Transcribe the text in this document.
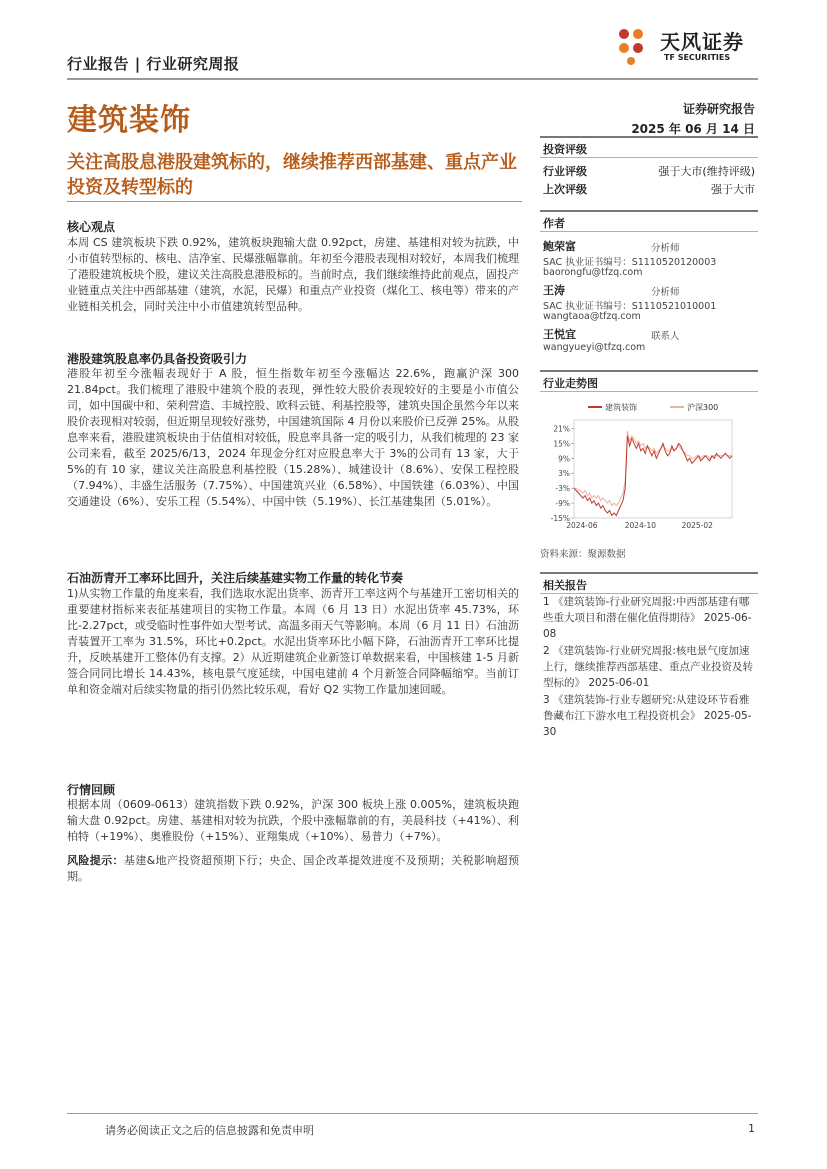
行业报告 | 行业研究周报
天风证券
TF SECURITIES
建筑装饰	证券研究报告
2025 年 06 月 14 日
关注高股息港股建筑标的，继续推荐西部基建、重点产业投资及转型标的
核心观点
本周 CS 建筑板块下跌 0.92%，建筑板块跑输大盘 0.92pct，房建、基建相对较为抗跌，中小市值转型标的、核电、洁净室、民爆涨幅靠前。年初至今港股表现相对较好，本周我们梳理了港股建筑板块个股，建议关注高股息港股标的。当前时点，我们继续维持此前观点，固投产业链重点关注中西部基建（建筑，水泥，民爆）和重点产业投资（煤化工、核电等）带来的产业链相关机会，同时关注中小市值建筑转型品种。
港股建筑股息率仍具备投资吸引力
港股年初至今涨幅表现好于 A 股，恒生指数年初至今涨幅达 22.6%，跑赢沪深 300 21.84pct。我们梳理了港股中建筑个股的表现，弹性较大股价表现较好的主要是小市值公司，如中国碳中和、荣利营造、丰城控股、欧科云链、利基控股等，建筑央国企虽然今年以来股价表现相对较弱，但近期呈现较好涨势，中国建筑国际 4 月份以来股价已反弹 25%。从股息率来看，港股建筑板块由于估值相对较低，股息率具备一定的吸引力，从我们梳理的 23 家公司来看，截至 2025/6/13，2024 年现金分红对应股息率大于 3%的公司有 13 家，大于 5%的有 10 家，建议关注高股息利基控股（15.28%）、城建设计（8.6%）、安保工程控股（7.94%）、丰盛生活服务（7.75%）、中国建筑兴业（6.58%）、中国铁建（6.03%）、中国交通建设（6%）、安乐工程（5.54%）、中国中铁（5.19%）、长江基建集团（5.01%）。
石油沥青开工率环比回升，关注后续基建实物工作量的转化节奏
1)从实物工作量的角度来看，我们选取水泥出货率、沥青开工率这两个与基建开工密切相关的重要建材指标来表征基建项目的实物工作量。本周（6 月 13 日）水泥出货率 45.73%，环比-2.27pct，或受临时性事件如大型考试、高温多雨天气等影响。本周（6 月 11 日）石油沥青装置开工率为 31.5%，环比+0.2pct。水泥出货率环比小幅下降，石油沥青开工率环比提升，反映基建开工整体仍有支撑。2）从近期建筑企业新签订单数据来看，中国核建 1-5 月新签合同同比增长 14.43%，核电景气度延续，中国电建前 4 个月新签合同降幅缩窄。当前订单和资金端对后续实物量的指引仍然比较乐观，看好 Q2 实物工作量加速回暖。
行情回顾
根据本周（0609-0613）建筑指数下跌 0.92%，沪深 300 板块上涨 0.005%，建筑板块跑输大盘 0.92pct。房建、基建相对较为抗跌，个股中涨幅靠前的有，美晨科技（+41%）、利柏特（+19%）、奥雅股份（+15%）、亚翔集成（+10%）、易普力（+7%）。
风险提示：基建&地产投资超预期下行；央企、国企改革提效进度不及预期；关税影响超预期。
投资评级
行业评级	强于大市(维持评级)
上次评级	强于大市
作者
鲍荣富	分析师
SAC 执业证书编号：S1110520120003
baorongfu@tfzq.com
王涛	分析师
SAC 执业证书编号：S1110521010001
wangtaoa@tfzq.com
王悦宜	联系人
wangyueyi@tfzq.com
行业走势图
21%
15%
9%
3%
-3%
-9%
-15%
2024-06	2024-10	2025-02
建筑装饰	沪深300
资料来源：聚源数据
相关报告
1 《建筑装饰-行业研究周报:中西部基建有哪些重大项目和潜在催化值得期待》 2025-06-08
2 《建筑装饰-行业研究周报:核电景气度加速上行，继续推荐西部基建、重点产业投资及转型标的》 2025-06-01
3 《建筑装饰-行业专题研究:从建设环节看雅鲁藏布江下游水电工程投资机会》 2025-05-30
请务必阅读正文之后的信息披露和免责申明	1
